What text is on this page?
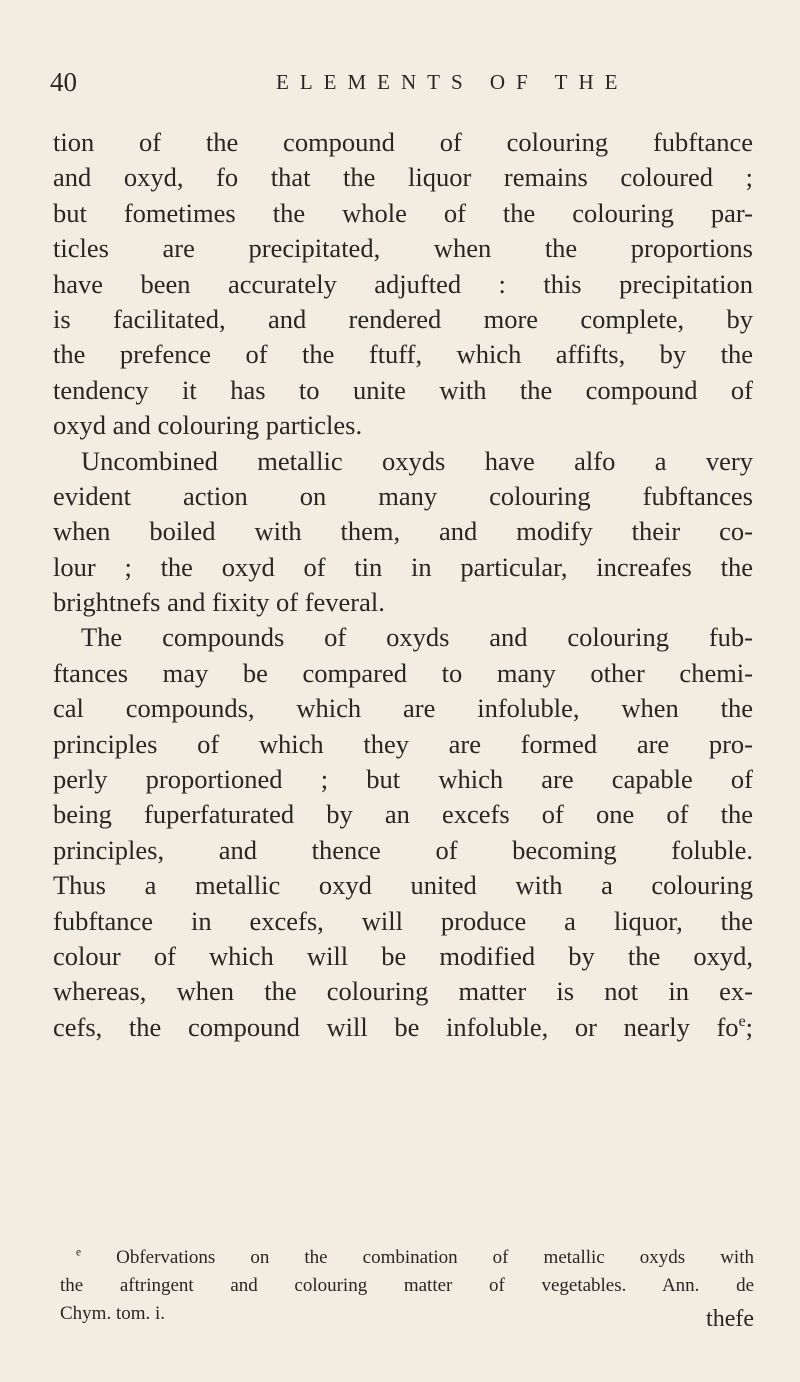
40	ELEMENTS OF THE
tion of the compound of colouring fubftance
and oxyd, fo that the liquor remains coloured ;
but fometimes the whole of the colouring par-
ticles are precipitated, when the proportions
have been accurately adjufted : this precipitation
is facilitated, and rendered more complete, by
the prefence of the ftuff, which affifts, by the
tendency it has to unite with the compound of
oxyd and colouring particles.
Uncombined metallic oxyds have alfo a very
evident action on many colouring fubftances
when boiled with them, and modify their co-
lour ; the oxyd of tin in particular, increafes the
brightnefs and fixity of feveral.
The compounds of oxyds and colouring fub-
ftances may be compared to many other chemi-
cal compounds, which are infoluble, when the
principles of which they are formed are pro-
perly proportioned ; but which are capable of
being fuperfaturated by an excefs of one of the
principles, and thence of becoming foluble.
Thus a metallic oxyd united with a colouring
fubftance in excefs, will produce a liquor, the
colour of which will be modified by the oxyd,
whereas, when the colouring matter is not in ex-
cefs, the compound will be infoluble, or nearly $fo^e$;
$^e$ Obfervations on the combination of metallic oxyds with
the aftringent and colouring matter of vegetables. Ann. de
Chym. tom. i.	thefe
